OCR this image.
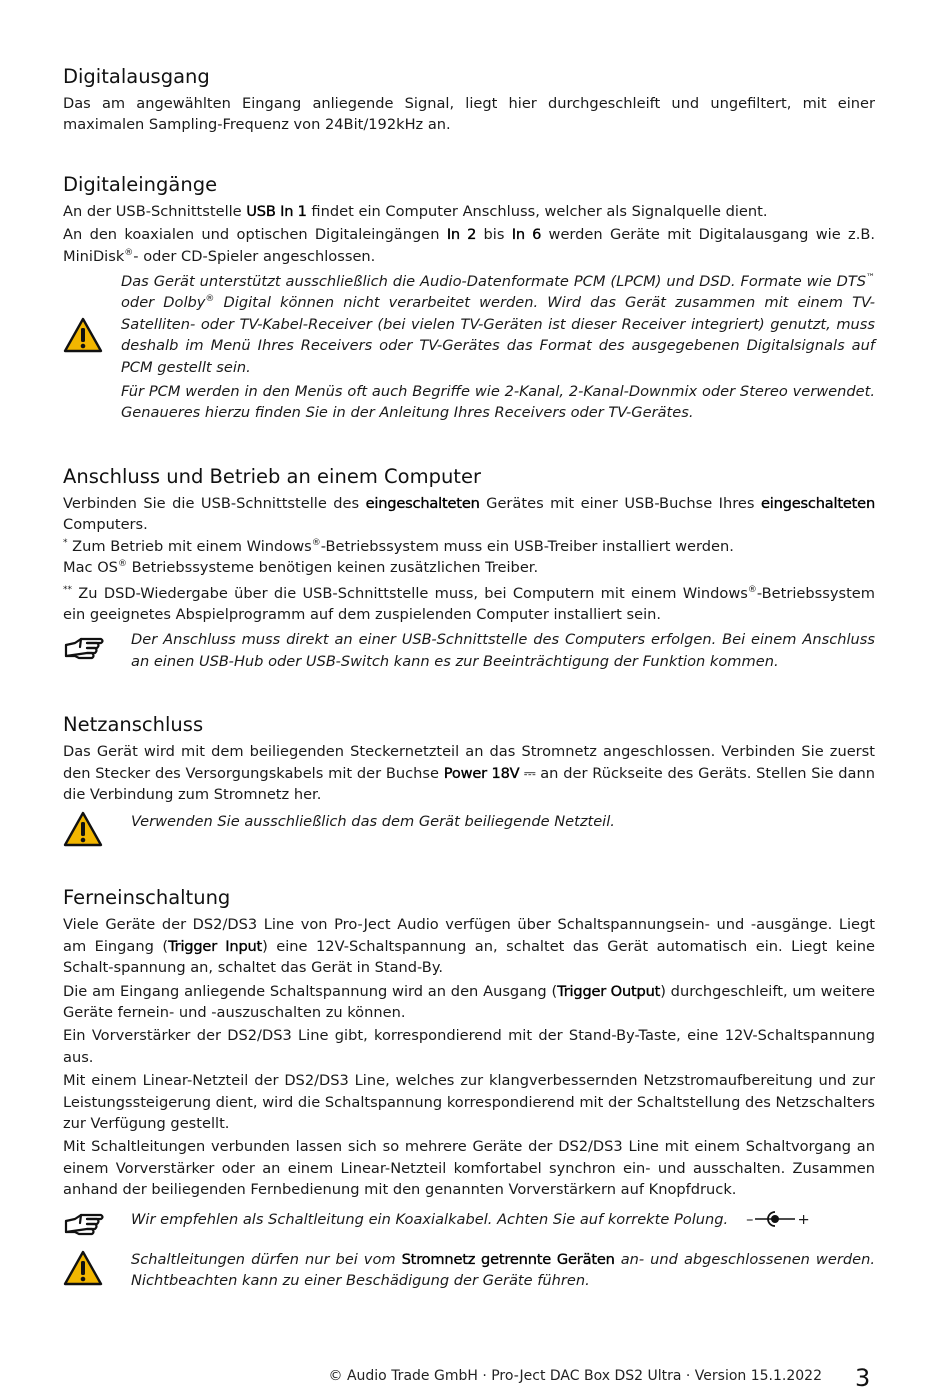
Digitalausgang

Das am angewählten Eingang anliegende Signal, liegt hier durchgeschleift und ungefiltert, mit einer maximalen Sampling-Frequenz von 24Bit/192kHz an.

Digitaleingänge

An der USB-Schnittstelle USB In 1 findet ein Computer Anschluss, welcher als Signalquelle dient.

An den koaxialen und optischen Digitaleingängen In 2 bis In 6 werden Geräte mit Digitalausgang wie z.B. MiniDisk®- oder CD-Spieler angeschlossen.

Das Gerät unterstützt ausschließlich die Audio-Datenformate PCM (LPCM) und DSD. Formate wie DTS™ oder Dolby® Digital können nicht verarbeitet werden. Wird das Gerät zusammen mit einem TV-Satelliten- oder TV-Kabel-Receiver (bei vielen TV-Geräten ist dieser Receiver integriert) genutzt, muss deshalb im Menü Ihres Receivers oder TV-Gerätes das Format des ausgegebenen Digitalsignals auf PCM gestellt sein.

Für PCM werden in den Menüs oft auch Begriffe wie 2-Kanal, 2-Kanal-Downmix oder Stereo verwendet. Genaueres hierzu finden Sie in der Anleitung Ihres Receivers oder TV-Gerätes.

Anschluss und Betrieb an einem Computer

Verbinden Sie die USB-Schnittstelle des eingeschalteten Gerätes mit einer USB-Buchse Ihres eingeschalteten Computers.

* Zum Betrieb mit einem Windows®-Betriebssystem muss ein USB-Treiber installiert werden.

Mac OS® Betriebssysteme benötigen keinen zusätzlichen Treiber.

** Zu DSD-Wiedergabe über die USB-Schnittstelle muss, bei Computern mit einem Windows®-Betriebssystem ein geeignetes Abspielprogramm auf dem zuspielenden Computer installiert sein.

Der Anschluss muss direkt an einer USB-Schnittstelle des Computers erfolgen. Bei einem Anschluss an einen USB-Hub oder USB-Switch kann es zur Beeinträchtigung der Funktion kommen.

Netzanschluss

Das Gerät wird mit dem beiliegenden Steckernetzteil an das Stromnetz angeschlossen. Verbinden Sie zuerst den Stecker des Versorgungskabels mit der Buchse Power 18V ⎓ an der Rückseite des Geräts. Stellen Sie dann die Verbindung zum Stromnetz her.

Verwenden Sie ausschließlich das dem Gerät beiliegende Netzteil.

Ferneinschaltung

Viele Geräte der DS2/DS3 Line von Pro-Ject Audio verfügen über Schaltspannungsein- und -ausgänge. Liegt am Eingang (Trigger Input) eine 12V-Schaltspannung an, schaltet das Gerät automatisch ein. Liegt keine Schalt-spannung an, schaltet das Gerät in Stand-By.

Die am Eingang anliegende Schaltspannung wird an den Ausgang (Trigger Output) durchgeschleift, um weitere Geräte fernein- und -auszuschalten zu können.

Ein Vorverstärker der DS2/DS3 Line gibt, korrespondierend mit der Stand-By-Taste, eine 12V-Schaltspannung aus.

Mit einem Linear-Netzteil der DS2/DS3 Line, welches zur klangverbessernden Netzstromaufbereitung und zur Leistungssteigerung dient, wird die Schaltspannung korrespondierend mit der Schaltstellung des Netzschalters zur Verfügung gestellt.

Mit Schaltleitungen verbunden lassen sich so mehrere Geräte der DS2/DS3 Line mit einem Schaltvorgang an einem Vorverstärker oder an einem Linear-Netzteil komfortabel synchron ein- und ausschalten. Zusammen anhand der beiliegenden Fernbedienung mit den genannten Vorverstärkern auf Knopfdruck.

Wir empfehlen als Schaltleitung ein Koaxialkabel. Achten Sie auf korrekte Polung. –	+

Schaltleitungen dürfen nur bei vom Stromnetz getrennte Geräten an- und abgeschlossenen werden. Nichtbeachten kann zu einer Beschädigung der Geräte führen.

© Audio Trade GmbH · Pro-Ject DAC Box DS2 Ultra · Version 15.1.2022 3
